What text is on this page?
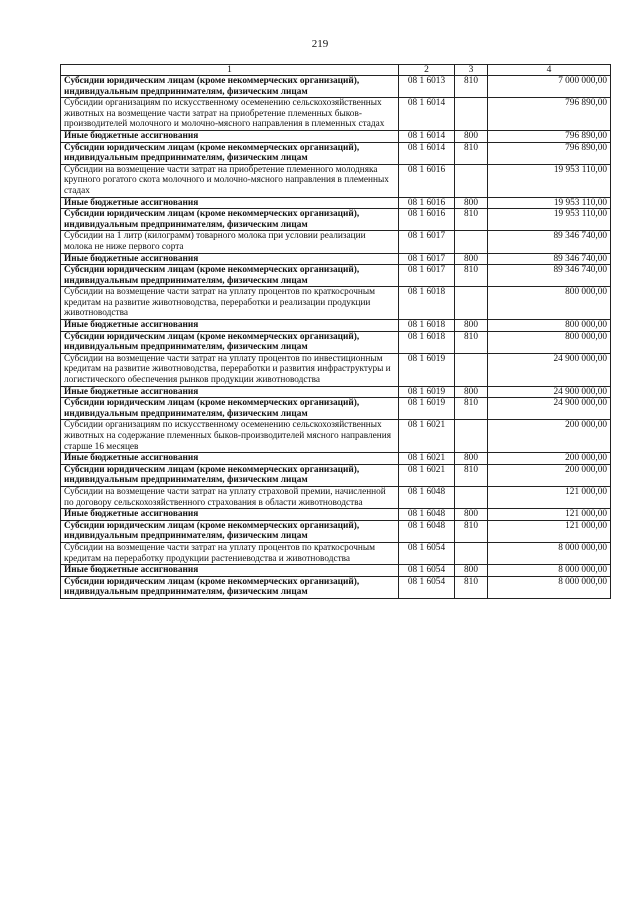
219
1	2	3	4
Субсидии юридическим лицам (кроме некоммерческих организаций), индивидуальным предпринимателям, физическим лицам	08 1 6013	810	7 000 000,00
Субсидии организациям по искусственному осеменению сельскохозяйственных животных на возмещение части затрат на приобретение племенных быков-производителей молочного и молочно-мясного направления в племенных стадах	08 1 6014		796 890,00
Иные бюджетные ассигнования	08 1 6014	800	796 890,00
Субсидии юридическим лицам (кроме некоммерческих организаций), индивидуальным предпринимателям, физическим лицам	08 1 6014	810	796 890,00
Субсидии на возмещение части затрат на приобретение племенного молодняка крупного рогатого скота молочного и молочно-мясного направления в племенных стадах	08 1 6016		19 953 110,00
Иные бюджетные ассигнования	08 1 6016	800	19 953 110,00
Субсидии юридическим лицам (кроме некоммерческих организаций), индивидуальным предпринимателям, физическим лицам	08 1 6016	810	19 953 110,00
Субсидии на 1 литр (килограмм) товарного молока при условии реализации молока не ниже первого сорта	08 1 6017		89 346 740,00
Иные бюджетные ассигнования	08 1 6017	800	89 346 740,00
Субсидии юридическим лицам (кроме некоммерческих организаций), индивидуальным предпринимателям, физическим лицам	08 1 6017	810	89 346 740,00
Субсидии на возмещение части затрат на уплату процентов по краткосрочным кредитам на развитие животноводства, переработки и реализации продукции животноводства	08 1 6018		800 000,00
Иные бюджетные ассигнования	08 1 6018	800	800 000,00
Субсидии юридическим лицам (кроме некоммерческих организаций), индивидуальным предпринимателям, физическим лицам	08 1 6018	810	800 000,00
Субсидии на возмещение части затрат на уплату процентов по инвестиционным кредитам на развитие животноводства, переработки и развития инфраструктуры и логистического обеспечения рынков продукции животноводства	08 1 6019		24 900 000,00
Иные бюджетные ассигнования	08 1 6019	800	24 900 000,00
Субсидии юридическим лицам (кроме некоммерческих организаций), индивидуальным предпринимателям, физическим лицам	08 1 6019	810	24 900 000,00
Субсидии организациям по искусственному осеменению сельскохозяйственных животных на содержание племенных быков-производителей мясного направления старше 16 месяцев	08 1 6021		200 000,00
Иные бюджетные ассигнования	08 1 6021	800	200 000,00
Субсидии юридическим лицам (кроме некоммерческих организаций), индивидуальным предпринимателям, физическим лицам	08 1 6021	810	200 000,00
Субсидии на возмещение части затрат на уплату страховой премии, начисленной по договору сельскохозяйственного страхования в области животноводства	08 1 6048		121 000,00
Иные бюджетные ассигнования	08 1 6048	800	121 000,00
Субсидии юридическим лицам (кроме некоммерческих организаций), индивидуальным предпринимателям, физическим лицам	08 1 6048	810	121 000,00
Субсидии на возмещение части затрат на уплату процентов по краткосрочным кредитам на переработку продукции растениеводства и животноводства	08 1 6054		8 000 000,00
Иные бюджетные ассигнования	08 1 6054	800	8 000 000,00
Субсидии юридическим лицам (кроме некоммерческих организаций), индивидуальным предпринимателям, физическим лицам	08 1 6054	810	8 000 000,00
